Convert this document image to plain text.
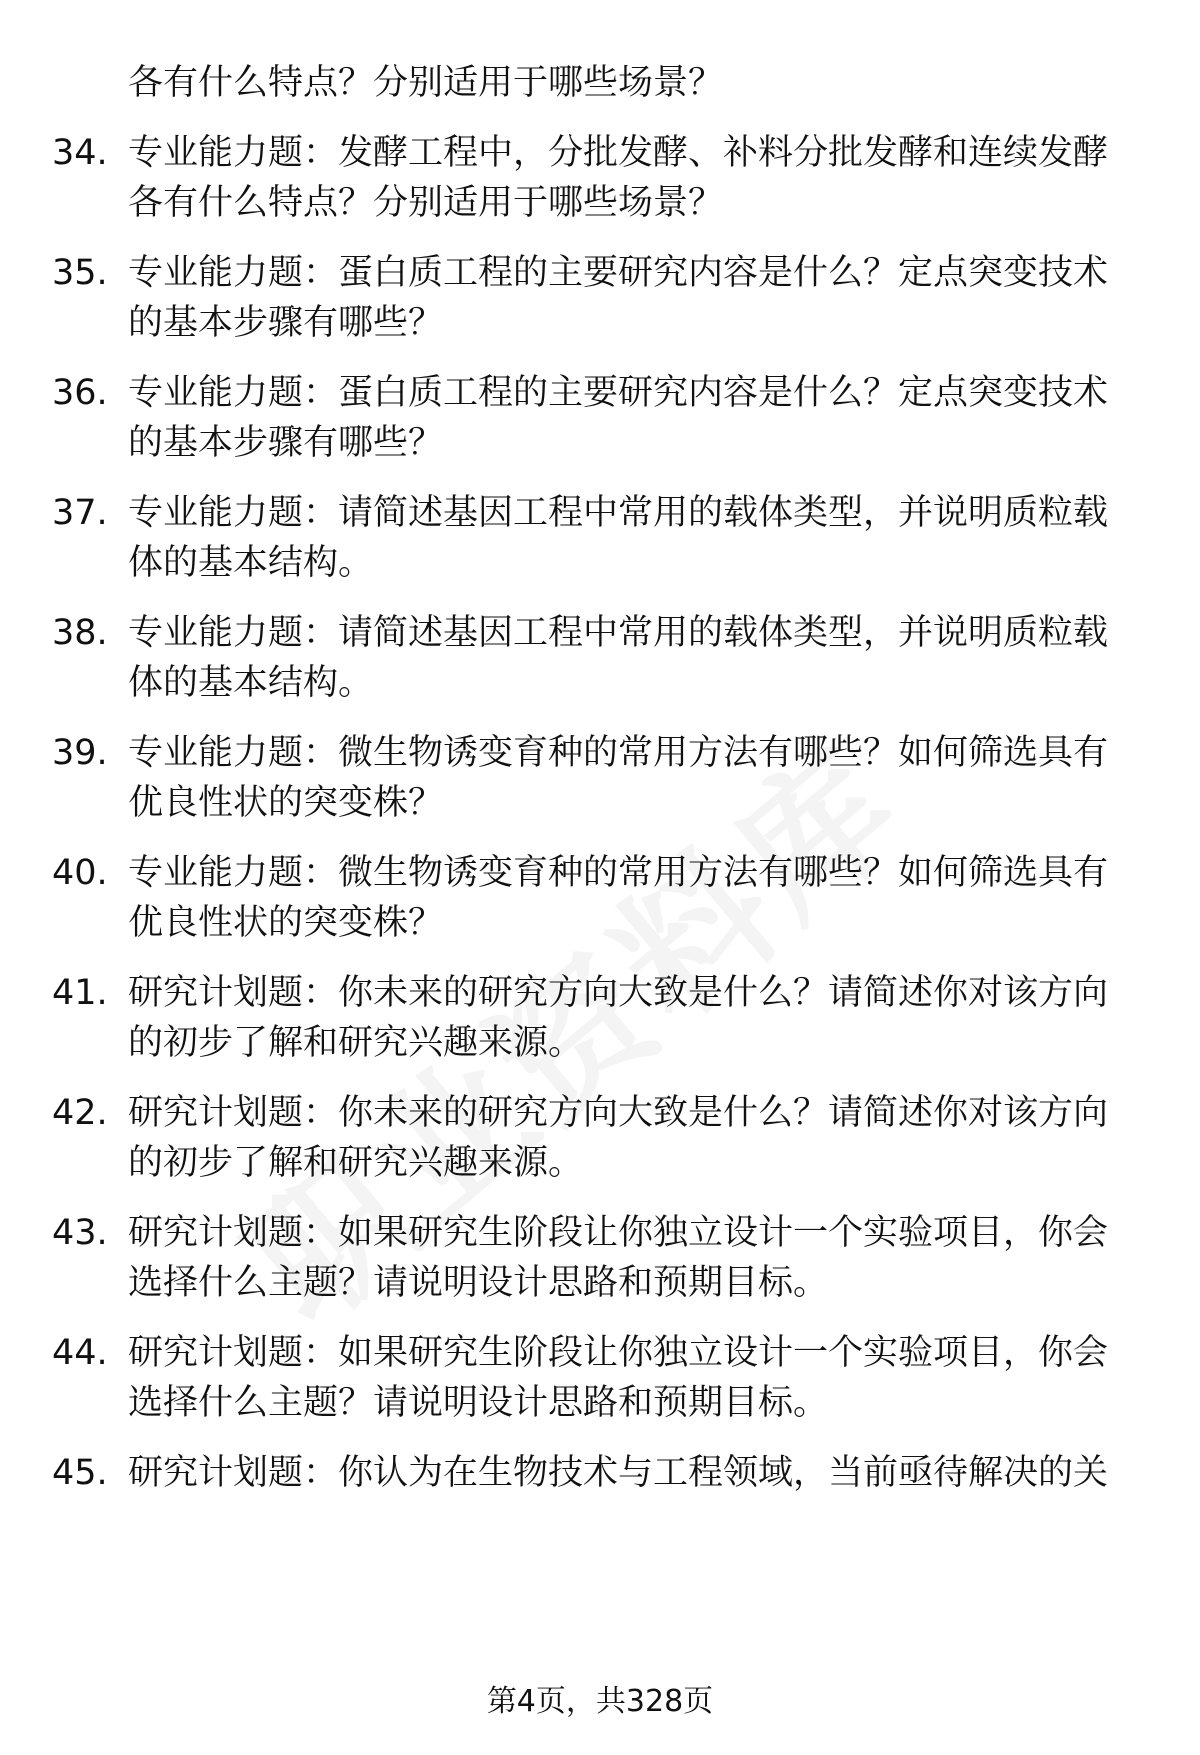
各有什么特点？分别适用于哪些场景？
34. 专业能力题：发酵工程中，分批发酵、补料分批发酵和连续发酵
各有什么特点？分别适用于哪些场景？
35. 专业能力题：蛋白质工程的主要研究内容是什么？定点突变技术
的基本步骤有哪些？
36. 专业能力题：蛋白质工程的主要研究内容是什么？定点突变技术
的基本步骤有哪些？
37. 专业能力题：请简述基因工程中常用的载体类型，并说明质粒载
体的基本结构。
38. 专业能力题：请简述基因工程中常用的载体类型，并说明质粒载
体的基本结构。
39. 专业能力题：微生物诱变育种的常用方法有哪些？如何筛选具有
优良性状的突变株？
40. 专业能力题：微生物诱变育种的常用方法有哪些？如何筛选具有
优良性状的突变株？
41. 研究计划题：你未来的研究方向大致是什么？请简述你对该方向
的初步了解和研究兴趣来源。
42. 研究计划题：你未来的研究方向大致是什么？请简述你对该方向
的初步了解和研究兴趣来源。
43. 研究计划题：如果研究生阶段让你独立设计一个实验项目，你会
选择什么主题？请说明设计思路和预期目标。
44. 研究计划题：如果研究生阶段让你独立设计一个实验项目，你会
选择什么主题？请说明设计思路和预期目标。
45. 研究计划题：你认为在生物技术与工程领域，当前亟待解决的关
第4页，共328页
